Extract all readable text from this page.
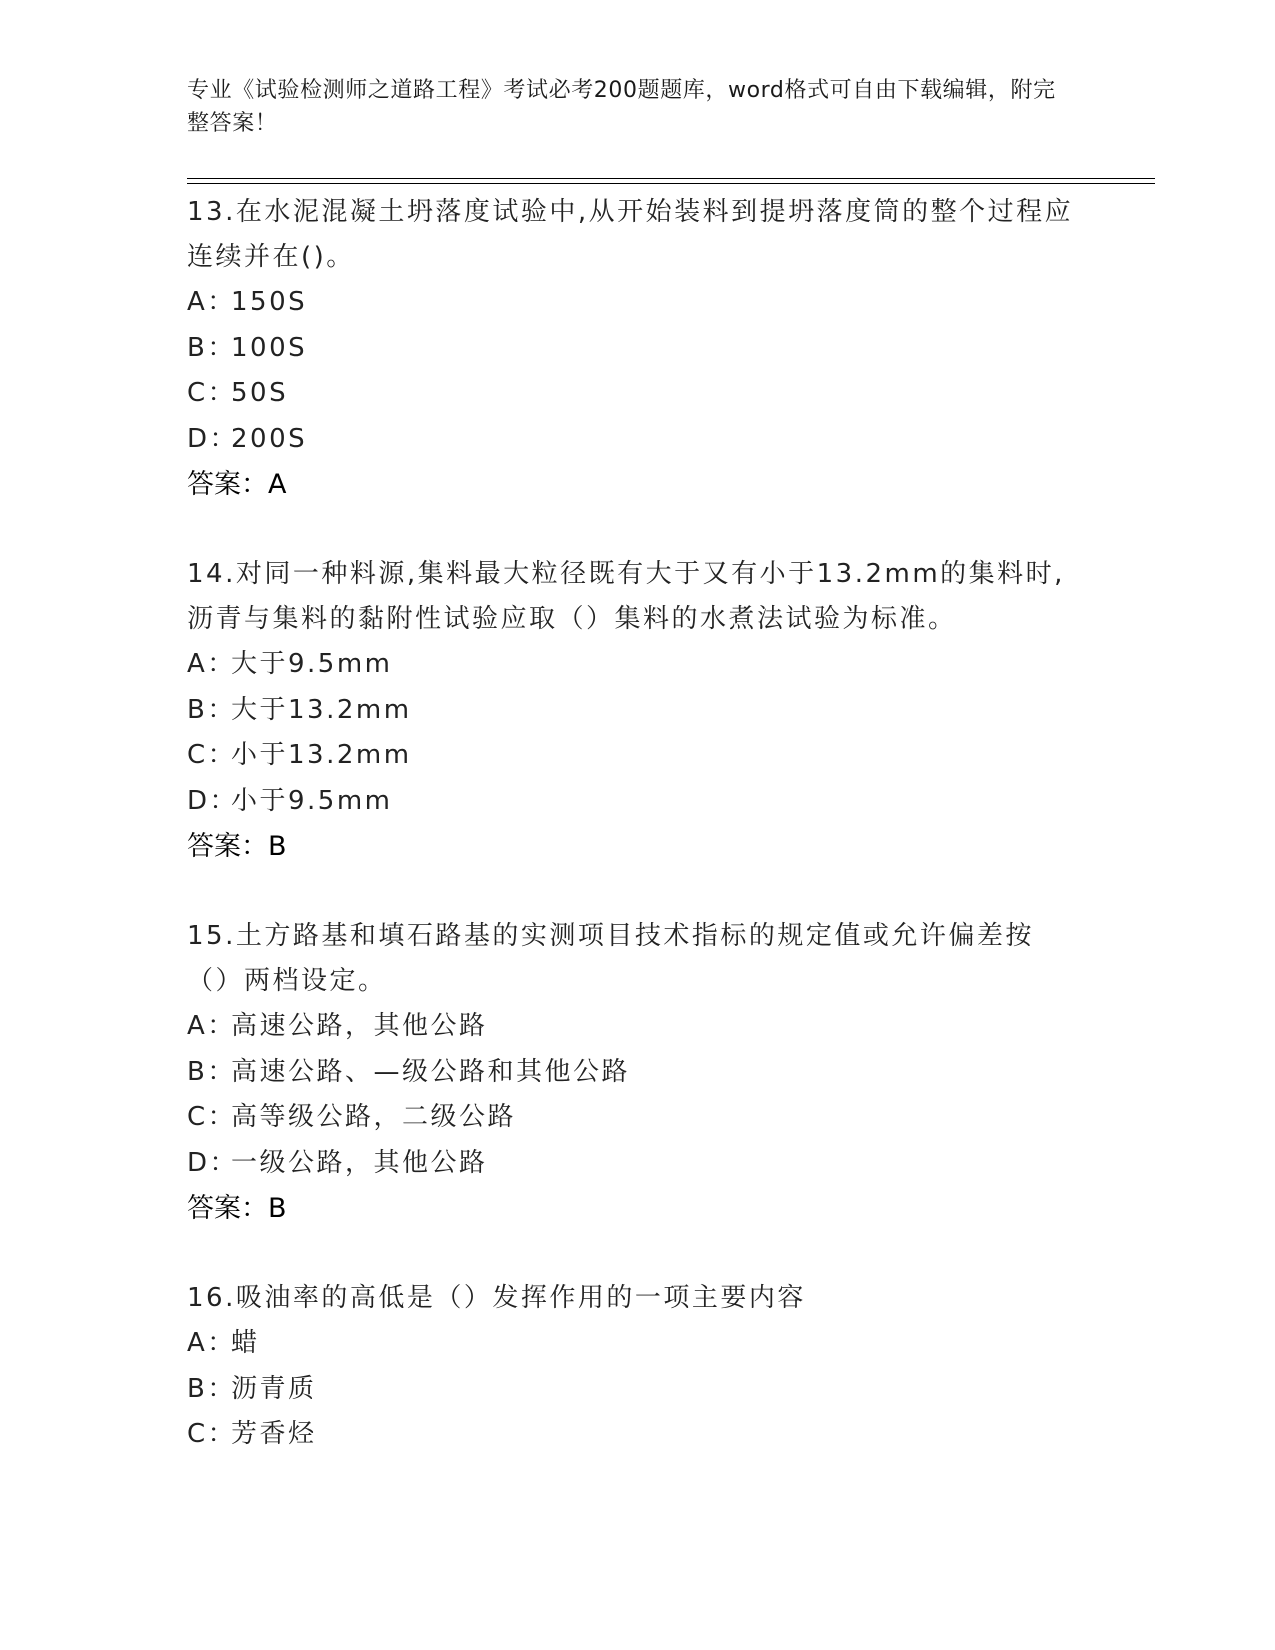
专业《试验检测师之道路工程》考试必考200题题库，word格式可自由下载编辑，附完整答案！
13.在水泥混凝土坍落度试验中,从开始装料到提坍落度筒的整个过程应连续并在()。
A：150S
B：100S
C：50S
D：200S
答案：A
14.对同一种料源,集料最大粒径既有大于又有小于13.2mm的集料时,沥青与集料的黏附性试验应取（）集料的水煮法试验为标准。
A：大于9.5mm
B：大于13.2mm
C：小于13.2mm
D：小于9.5mm
答案：B
15.土方路基和填石路基的实测项目技术指标的规定值或允许偏差按（）两档设定。
A：高速公路，其他公路
B：高速公路、—级公路和其他公路
C：高等级公路，二级公路
D：一级公路，其他公路
答案：B
16.吸油率的高低是（）发挥作用的一项主要内容
A：蜡
B：沥青质
C：芳香烃
